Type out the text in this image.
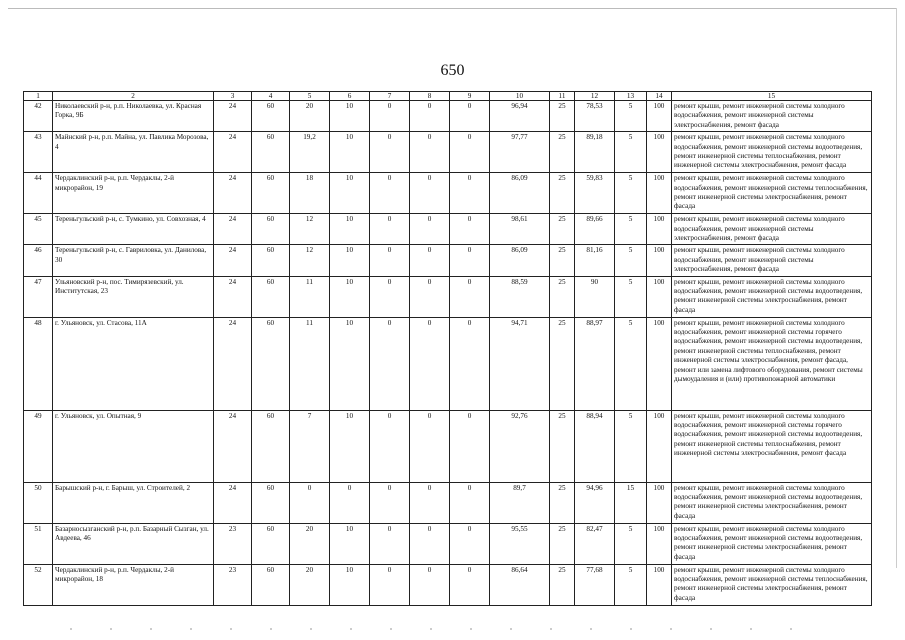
650
1	2	3	4	5	6	7	8	9	10	11	12	13	14	15
42	Николаевский р-н, р.п. Николаевка, ул. Красная Горка, 9Б	24	60	20	10	0	0	0	96,94	25	78,53	5	100	ремонт крыши, ремонт инженерной системы холодного водоснабжения, ремонт инженерной системы электроснабжения, ремонт фасада
43	Майнский р-н, р.п. Майна, ул. Павлика Морозова, 4	24	60	19,2	10	0	0	0	97,77	25	89,18	5	100	ремонт крыши, ремонт инженерной системы холодного водоснабжения, ремонт инженерной системы водоотведения, ремонт инженерной системы теплоснабжения, ремонт инженерной системы электроснабжения, ремонт фасада
44	Чердаклинский р-н, р.п. Чердаклы, 2-й микрорайон, 19	24	60	18	10	0	0	0	86,09	25	59,83	5	100	ремонт крыши, ремонт инженерной системы холодного водоснабжения, ремонт инженерной системы теплоснабжения, ремонт инженерной системы электроснабжения, ремонт фасада
45	Тереньгульский р-н, с. Тумкино, ул. Совхозная, 4	24	60	12	10	0	0	0	98,61	25	89,66	5	100	ремонт крыши, ремонт инженерной системы холодного водоснабжения, ремонт инженерной системы электроснабжения, ремонт фасада
46	Тереньгульский р-н, с. Гавриловка, ул. Данилова, 30	24	60	12	10	0	0	0	86,09	25	81,16	5	100	ремонт крыши, ремонт инженерной системы холодного водоснабжения, ремонт инженерной системы электроснабжения, ремонт фасада
47	Ульяновский р-н, пос. Тимирязевский, ул. Институтская, 23	24	60	11	10	0	0	0	88,59	25	90	5	100	ремонт крыши, ремонт инженерной системы холодного водоснабжения, ремонт инженерной системы водоотведения, ремонт инженерной системы электроснабжения, ремонт фасада
48	г. Ульяновск, ул. Стасова, 11А	24	60	11	10	0	0	0	94,71	25	88,97	5	100	ремонт крыши, ремонт инженерной системы холодного водоснабжения, ремонт инженерной системы горячего водоснабжения, ремонт инженерной системы водоотведения, ремонт инженерной системы теплоснабжения, ремонт инженерной системы электроснабжения, ремонт фасада, ремонт или замена лифтового оборудования, ремонт системы дымоудаления и (или) противопожарной автоматики
49	г. Ульяновск, ул. Опытная, 9	24	60	7	10	0	0	0	92,76	25	88,94	5	100	ремонт крыши, ремонт инженерной системы холодного водоснабжения, ремонт инженерной системы горячего водоснабжения, ремонт инженерной системы водоотведения, ремонт инженерной системы теплоснабжения, ремонт инженерной системы электроснабжения, ремонт фасада
50	Барышский р-н, г. Барыш, ул. Строителей, 2	24	60	0	0	0	0	0	89,7	25	94,96	15	100	ремонт крыши, ремонт инженерной системы холодного водоснабжения, ремонт инженерной системы водоотведения, ремонт инженерной системы электроснабжения, ремонт фасада
51	Базарносызганский р-н, р.п. Базарный Сызган, ул. Авдеева, 46	23	60	20	10	0	0	0	95,55	25	82,47	5	100	ремонт крыши, ремонт инженерной системы холодного водоснабжения, ремонт инженерной системы водоотведения, ремонт инженерной системы электроснабжения, ремонт фасада
52	Чердаклинский р-н, р.п. Чердаклы, 2-й микрорайон, 18	23	60	20	10	0	0	0	86,64	25	77,68	5	100	ремонт крыши, ремонт инженерной системы холодного водоснабжения, ремонт инженерной системы теплоснабжения, ремонт инженерной системы электроснабжения, ремонт фасада
